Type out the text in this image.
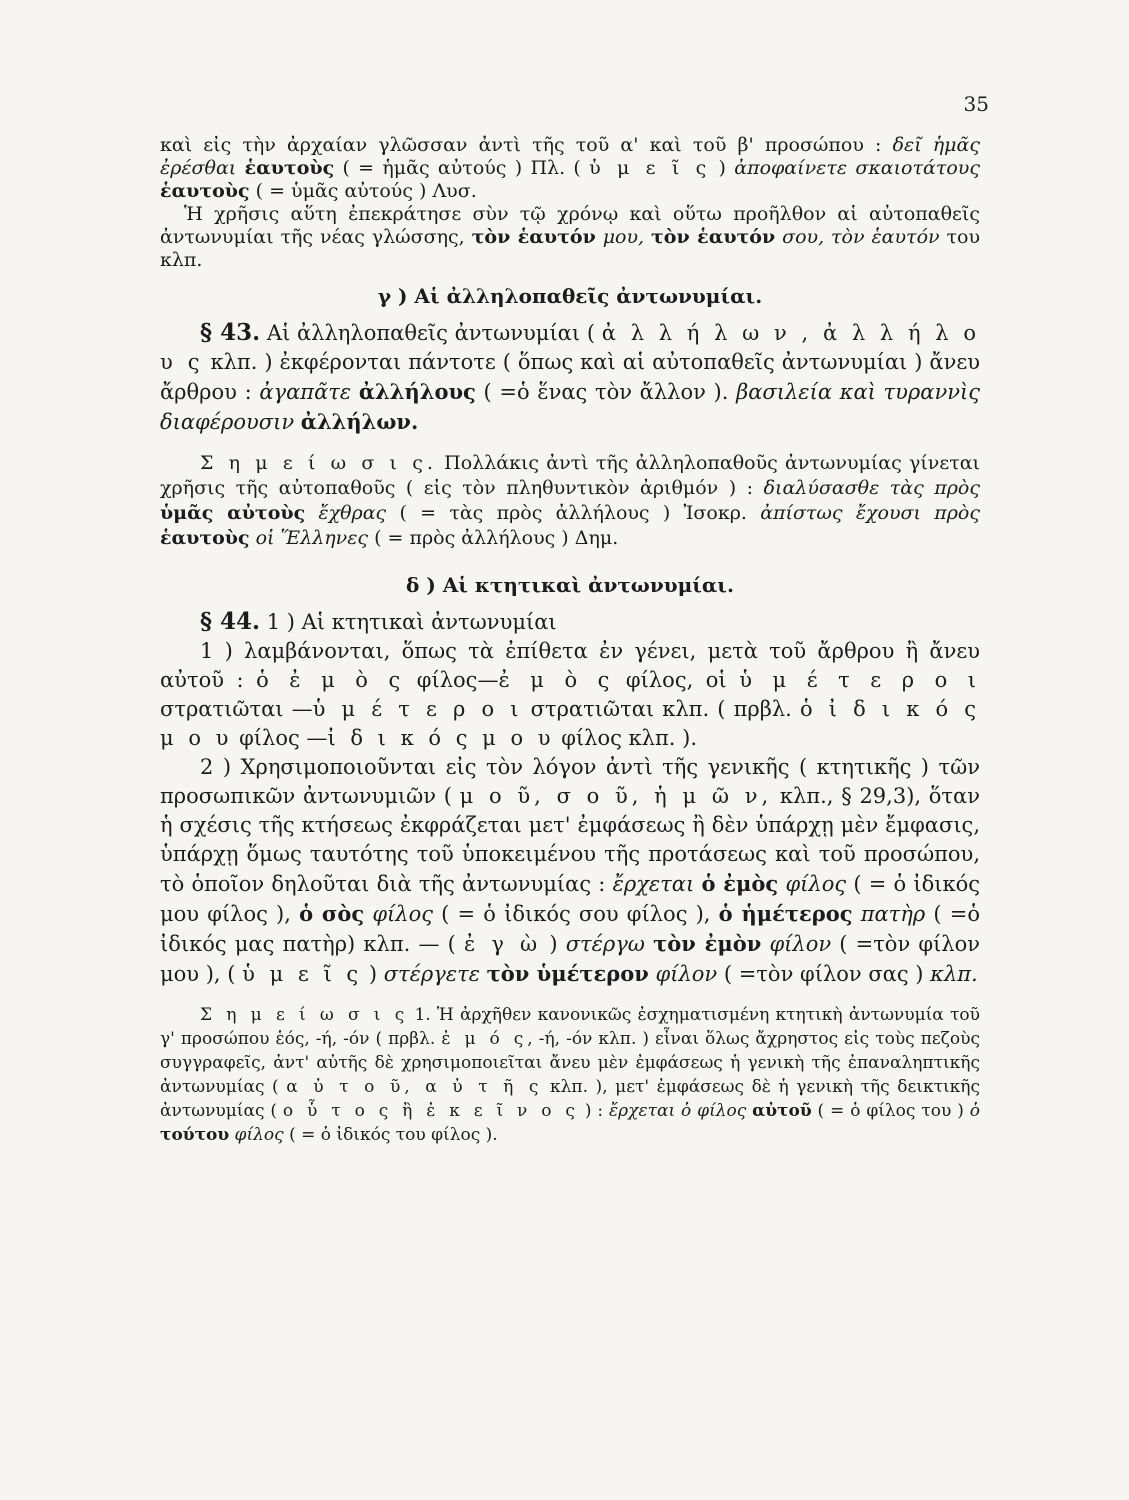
35

καὶ εἰς τὴν ἀρχαίαν γλῶσσαν ἀντὶ τῆς τοῦ α' καὶ τοῦ β' προσώπου : δεῖ ἡμᾶς ἐρέσθαι ἑαυτοὺς ( = ἡμᾶς αὐτούς ) Πλ. ( ὑ μ ε ῖ ς ) ἀποφαίνετε σκαιοτάτους ἑαυτοὺς ( = ὑμᾶς αὐτούς ) Λυσ.

Ἡ χρῆσις αὕτη ἐπεκράτησε σὺν τῷ χρόνῳ καὶ οὕτω προῆλθον αἱ αὐτοπαθεῖς ἀντωνυμίαι τῆς νέας γλώσσης, τὸν ἑαυτόν μου, τὸν ἑαυτόν σου, τὸν ἑαυτόν του κλπ.

γ ) Αἱ ἀλληλοπαθεῖς ἀντωνυμίαι.

§ 43. Αἱ ἀλληλοπαθεῖς ἀντωνυμίαι ( ἀ λ λ ή λ ω ν , ἀ λ λ ή λ ο υ ς κλπ. ) ἐκφέρονται πάντοτε ( ὅπως καὶ αἱ αὐτοπαθεῖς ἀντωνυμίαι ) ἄνευ ἄρθρου : ἀγαπᾶτε ἀλλήλους ( =ὁ ἕνας τὸν ἄλλον ). βασιλεία καὶ τυραννὶς διαφέρουσιν ἀλλήλων.

Σ η μ ε ί ω σ ι ς. Πολλάκις ἀντὶ τῆς ἀλληλοπαθοῦς ἀντωνυμίας γίνεται χρῆσις τῆς αὐτοπαθοῦς ( εἰς τὸν πληθυντικὸν ἀριθμόν ) : διαλύσασθε τὰς πρὸς ὑμᾶς αὐτοὺς ἔχθρας ( = τὰς πρὸς ἀλλήλους ) Ἰσοκρ. ἀπίστως ἔχουσι πρὸς ἑαυτοὺς οἱ Ἕλληνες ( = πρὸς ἀλλήλους ) Δημ.

δ ) Αἱ κτητικαὶ ἀντωνυμίαι.

§ 44. 1 ) Αἱ κτητικαὶ ἀντωνυμίαι

1 ) λαμβάνονται, ὅπως τὰ ἐπίθετα ἐν γένει, μετὰ τοῦ ἄρθρου ἢ ἄνευ αὐτοῦ : ὁ ἐ μ ὸ ς φίλος—ἐ μ ὸ ς φίλος, οἱ ὑ μ έ τ ε ρ ο ι στρατιῶται —ὑ μ έ τ ε ρ ο ι στρατιῶται κλπ. ( πρβλ. ὁ ἰ δ ι κ ό ς μ ο υ φίλος —ἰ δ ι κ ό ς μ ο υ φίλος κλπ. ).

2 ) Χρησιμοποιοῦνται εἰς τὸν λόγον ἀντὶ τῆς γενικῆς ( κτητικῆς ) τῶν προσωπικῶν ἀντωνυμιῶν ( μ ο ῦ, σ ο ῦ, ἡ μ ῶ ν, κλπ., § 29,3), ὅταν ἡ σχέσις τῆς κτήσεως ἐκφράζεται μετ' ἐμφάσεως ἢ δὲν ὑπάρχῃ μὲν ἔμφασις, ὑπάρχῃ ὅμως ταυτότης τοῦ ὑποκειμένου τῆς προτάσεως καὶ τοῦ προσώπου, τὸ ὁποῖον δηλοῦται διὰ τῆς ἀντωνυμίας : ἔρχεται ὁ ἐμὸς φίλος ( = ὁ ἰδικός μου φίλος ), ὁ σὸς φίλος ( = ὁ ἰδικός σου φίλος ), ὁ ἡμέτερος πατὴρ ( =ὁ ἰδικός μας πατὴρ) κλπ. — ( ἐ γ ὼ ) στέργω τὸν ἐμὸν φίλον ( =τὸν φίλον μου ), ( ὑ μ ε ῖ ς ) στέργετε τὸν ὑμέτερον φίλον ( =τὸν φίλον σας ) κλπ.

Σ η μ ε ί ω σ ι ς 1. Ἡ ἀρχῆθεν κανονικῶς ἐσχηματισμένη κτητικὴ ἀντωνυμία τοῦ γ' προσώπου ἑός, -ή, -όν ( πρβλ. ἐ μ ό ς, -ή, -όν κλπ. ) εἶναι ὅλως ἄχρηστος εἰς τοὺς πεζοὺς συγγραφεῖς, ἀντ' αὐτῆς δὲ χρησιμοποιεῖται ἄνευ μὲν ἐμφάσεως ἡ γενικὴ τῆς ἐπαναληπτικῆς ἀντωνυμίας ( α ὐ τ ο ῦ, α ὐ τ ῆ ς κλπ. ), μετ' ἐμφάσεως δὲ ἡ γενικὴ τῆς δεικτικῆς ἀντωνυμίας ( ο ὗ τ ο ς ἢ ἐ κ ε ῖ ν ο ς ) : ἔρχεται ὁ φίλος αὐτοῦ ( = ὁ φίλος του ) ὁ τούτου φίλος ( = ὁ ἰδικός του φίλος ).
